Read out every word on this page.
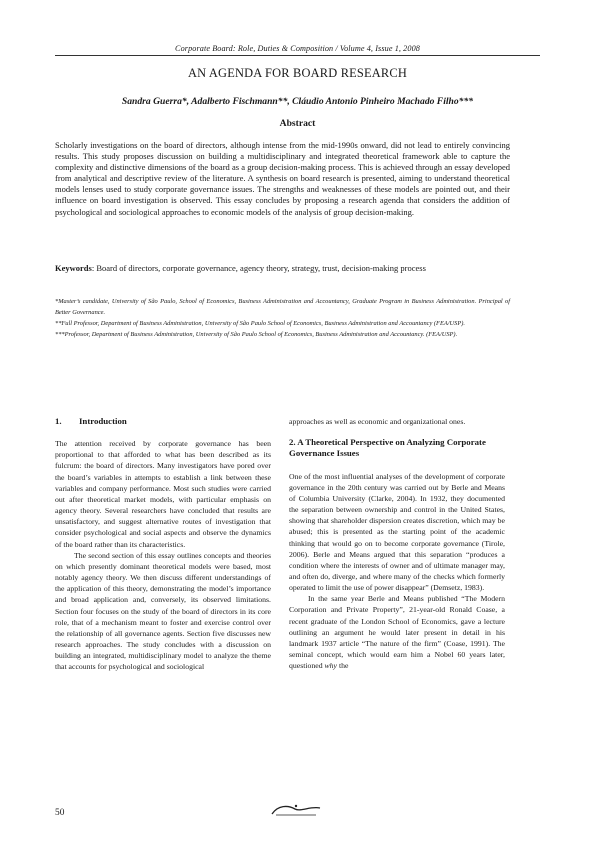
Corporate Board: Role, Duties & Composition / Volume 4, Issue 1, 2008
AN AGENDA FOR BOARD RESEARCH
Sandra Guerra*, Adalberto Fischmann**, Cláudio Antonio Pinheiro Machado Filho***
Abstract

Scholarly investigations on the board of directors, although intense from the mid-1990s onward, did not lead to entirely convincing results. This study proposes discussion on building a multidisciplinary and integrated theoretical framework able to capture the complexity and distinctive dimensions of the board as a group decision-making process. This is achieved through an essay developed from analytical and descriptive review of the literature. A synthesis on board research is presented, aiming to understand theoretical models lenses used to study corporate governance issues. The strengths and weaknesses of these models are pointed out, and their influence on board investigation is observed. This essay concludes by proposing a research agenda that considers the addition of psychological and sociological approaches to economic models of the analysis of group decision-making.

Keywords: Board of directors, corporate governance, agency theory, strategy, trust, decision-making process

*Master’s candidate, University of São Paulo, School of Economics, Business Administration and Accountancy, Graduate Program in Business Administration. Principal of Better Governance.

**Full Professor, Department of Business Administration, University of São Paulo School of Economics, Business Administration and Accountancy (FEA/USP).

***Professor, Department of Business Administration, University of São Paulo School of Economics, Business Administration and Accountancy. (FEA/USP).

1.	Introduction

The attention received by corporate governance has been proportional to that afforded to what has been described as its fulcrum: the board of directors. Many investigators have pored over the board’s variables in attempts to establish a link between these variables and company performance. Most such studies were carried out after theoretical market models, with particular emphasis on agency theory. Several researchers have concluded that results are unsatisfactory, and suggest alternative routes of investigation that consider psychological and social aspects and observe the dynamics of the board rather than its characteristics.

The second section of this essay outlines concepts and theories on which presently dominant theoretical models were based, most notably agency theory. We then discuss different understandings of the application of this theory, demonstrating the model’s importance and broad application and, conversely, its observed limitations. Section four focuses on the study of the board of directors in its core role, that of a mechanism meant to foster and exercise control over the relationship of all governance agents. Section five discusses new research approaches. The study concludes with a discussion on building an integrated, multidisciplinary model to analyze the theme that accounts for psychological and sociological

approaches as well as economic and organizational ones.

2. A Theoretical Perspective on Analyzing Corporate Governance Issues

One of the most influential analyses of the development of corporate governance in the 20th century was carried out by Berle and Means of Columbia University (Clarke, 2004). In 1932, they documented the separation between ownership and control in the United States, showing that shareholder dispersion creates discretion, which may be abused; this is presented as the starting point of the academic thinking that would go on to become corporate governance (Tirole, 2006). Berle and Means argued that this separation “produces a condition where the interests of owner and of ultimate manager may, and often do, diverge, and where many of the checks which formerly operated to limit the use of power disappear” (Demsetz, 1983).

In the same year Berle and Means published “The Modern Corporation and Private Property”, 21-year-old Ronald Coase, a recent graduate of the London School of Economics, gave a lecture outlining an argument he would later present in detail in his landmark 1937 article “The nature of the firm” (Coase, 1991). The seminal concept, which would earn him a Nobel 60 years later, questioned why the

50
